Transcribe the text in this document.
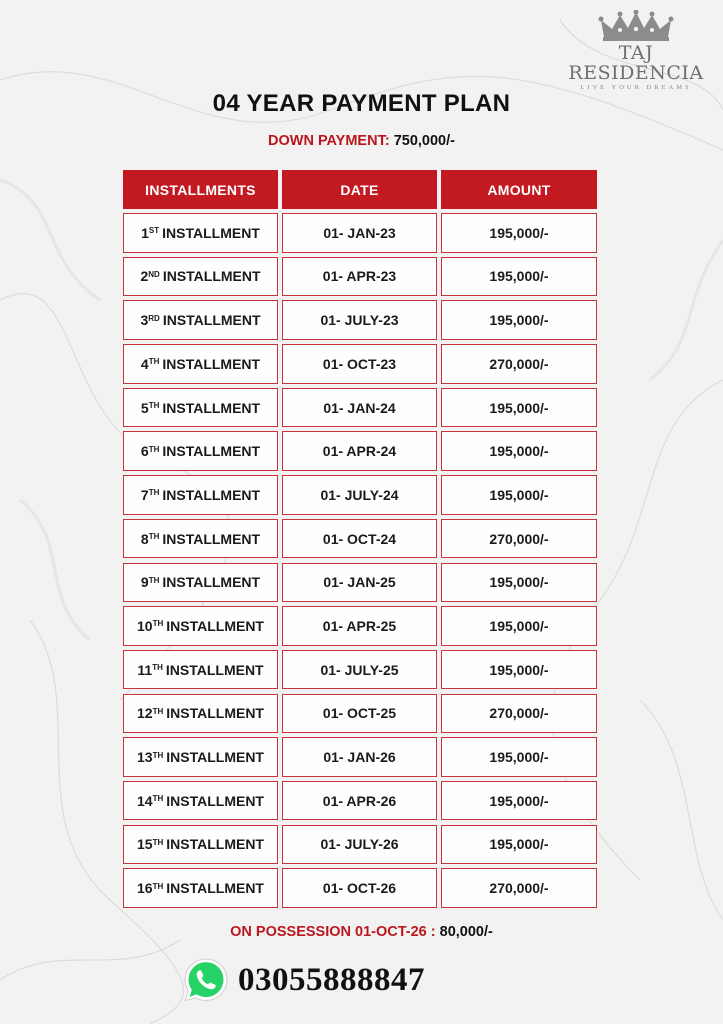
TAJ RESIDENCIA
LIVE YOUR DREAMS
04 YEAR PAYMENT PLAN
DOWN PAYMENT: 750,000/-
INSTALLMENTS	DATE	AMOUNT
1ST INSTALLMENT	01- JAN-23	195,000/-
2ND INSTALLMENT	01- APR-23	195,000/-
3RD INSTALLMENT	01- JULY-23	195,000/-
4TH INSTALLMENT	01- OCT-23	270,000/-
5TH INSTALLMENT	01- JAN-24	195,000/-
6TH INSTALLMENT	01- APR-24	195,000/-
7TH INSTALLMENT	01- JULY-24	195,000/-
8TH INSTALLMENT	01- OCT-24	270,000/-
9TH INSTALLMENT	01- JAN-25	195,000/-
10TH INSTALLMENT	01- APR-25	195,000/-
11TH INSTALLMENT	01- JULY-25	195,000/-
12TH INSTALLMENT	01- OCT-25	270,000/-
13TH INSTALLMENT	01- JAN-26	195,000/-
14TH INSTALLMENT	01- APR-26	195,000/-
15TH INSTALLMENT	01- JULY-26	195,000/-
16TH INSTALLMENT	01- OCT-26	270,000/-
ON POSSESSION 01-OCT-26 : 80,000/-
03055888847
